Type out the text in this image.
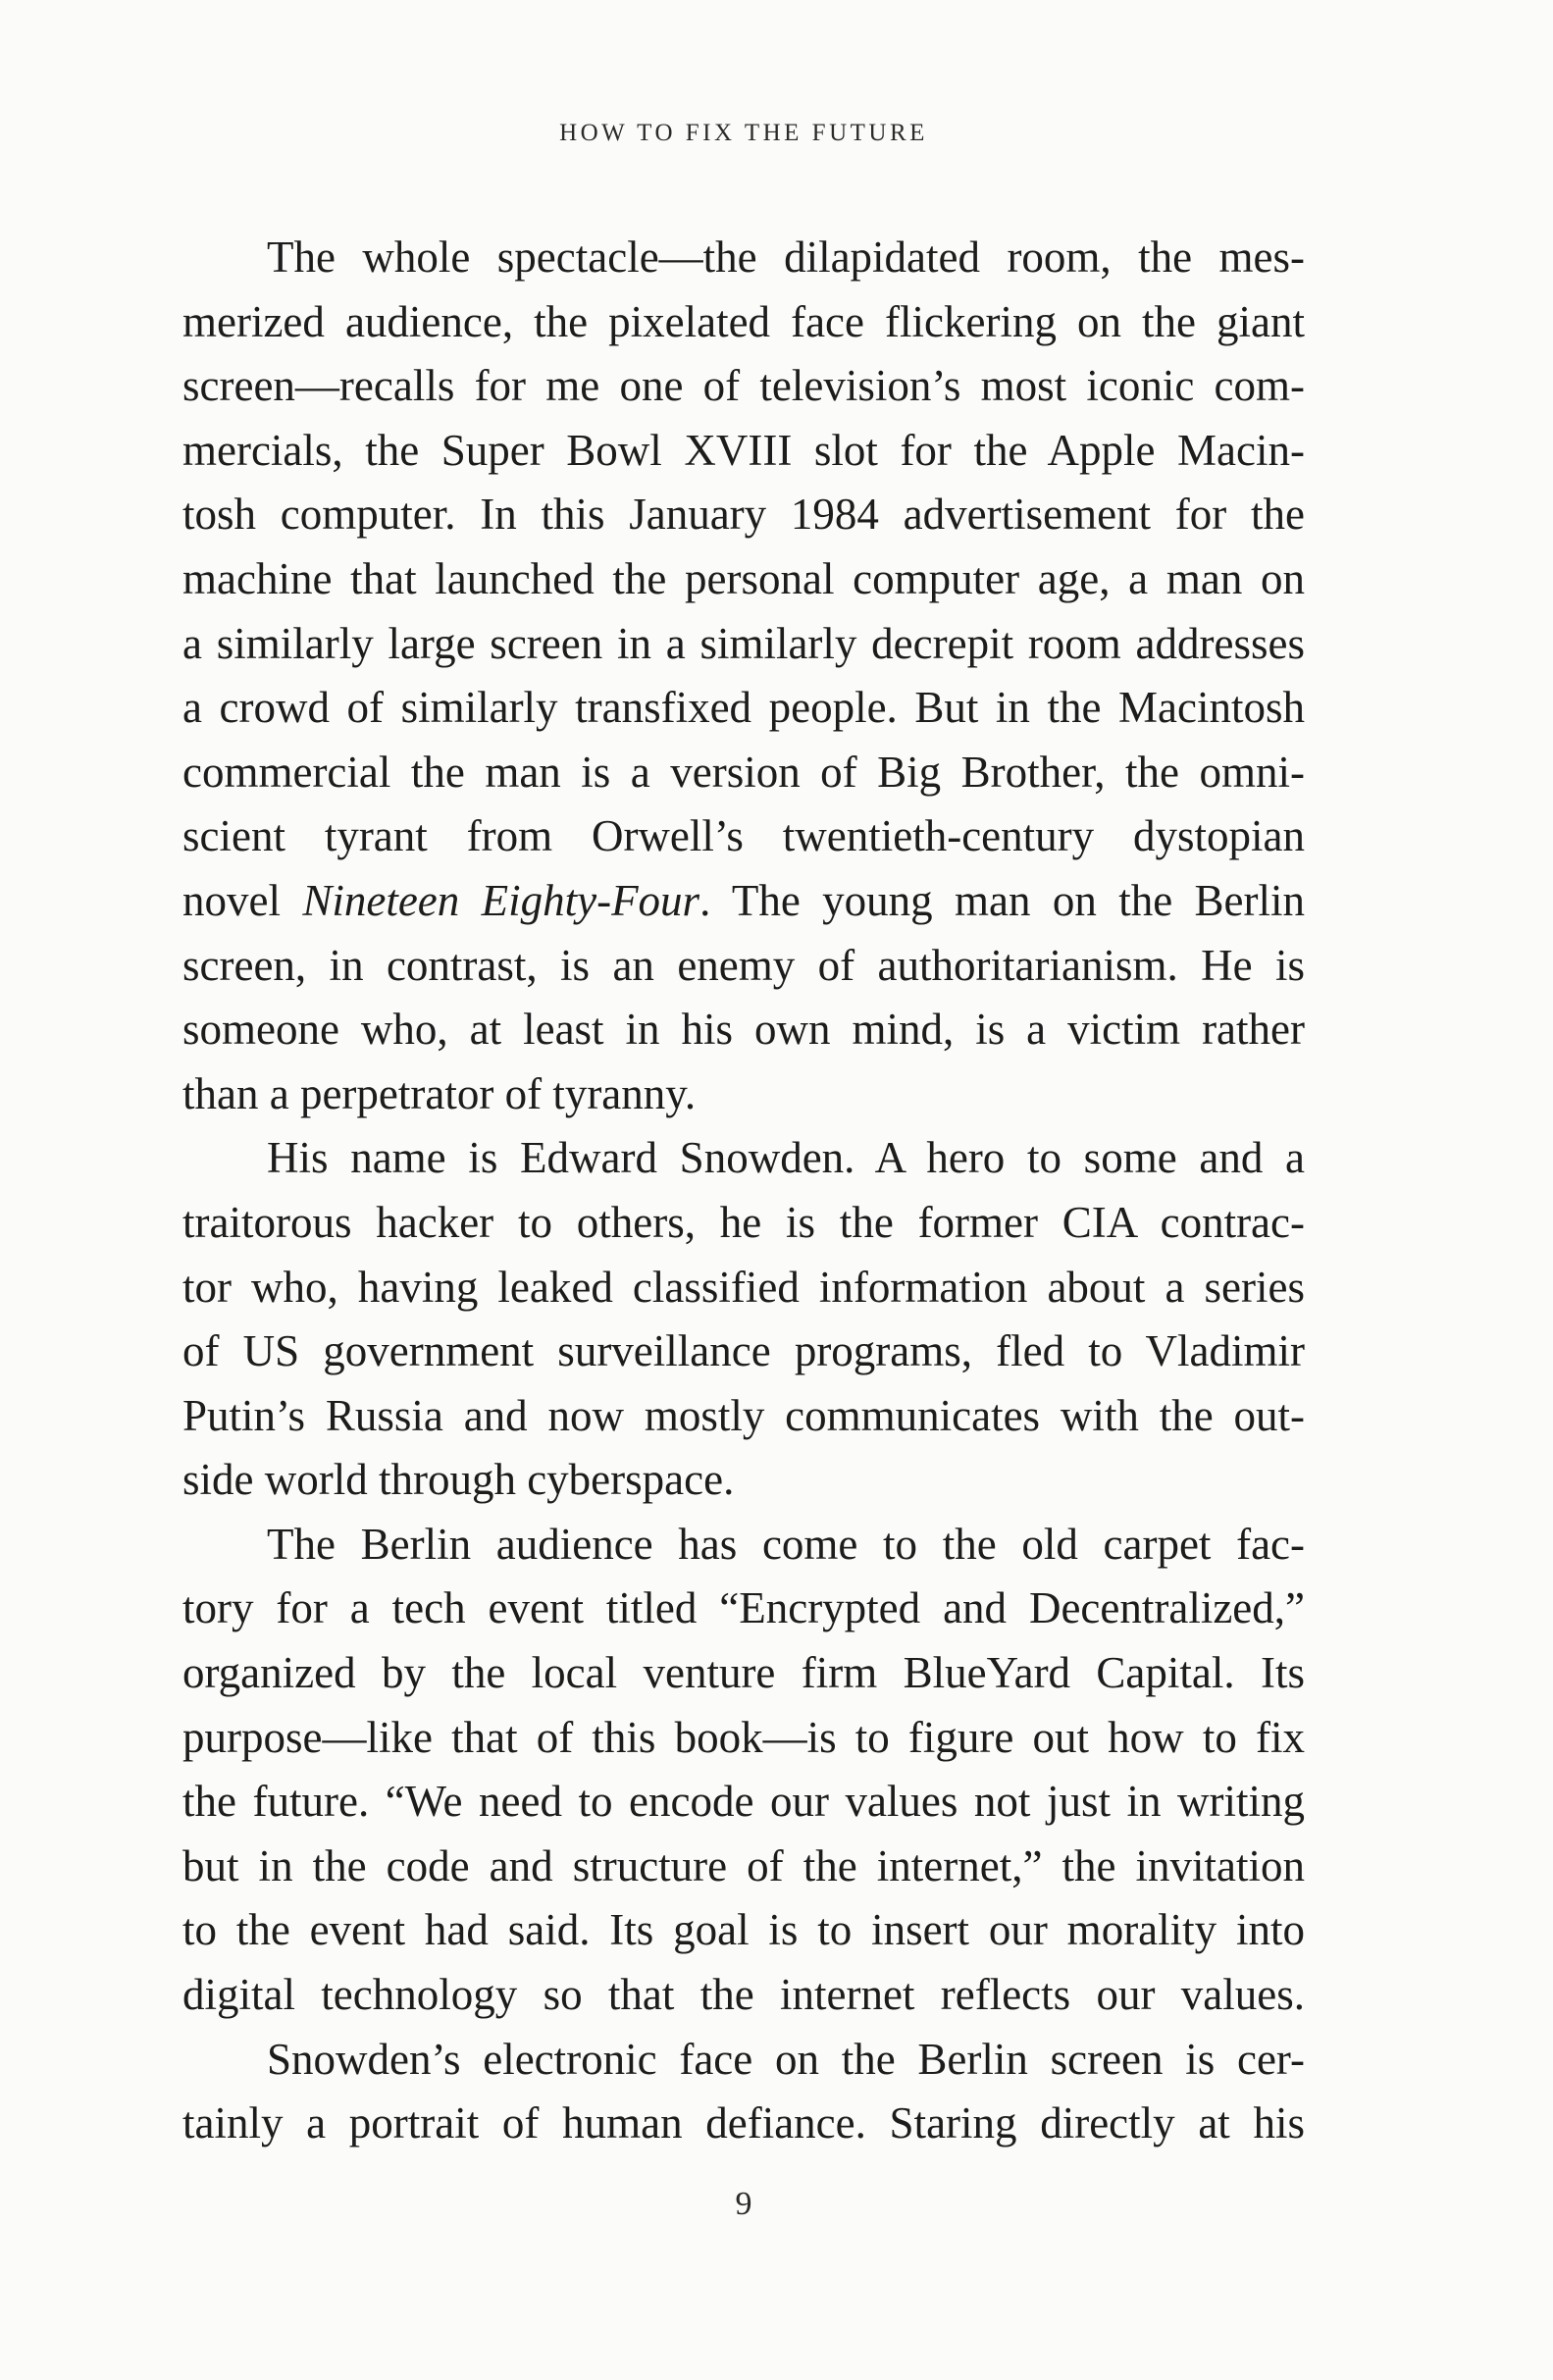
HOW TO FIX THE FUTURE
The whole spectacle—the dilapidated room, the mes-
merized audience, the pixelated face flickering on the giant
screen—recalls for me one of television’s most iconic com-
mercials, the Super Bowl XVIII slot for the Apple Macin-
tosh computer. In this January 1984 advertisement for the
machine that launched the personal computer age, a man on
a similarly large screen in a similarly decrepit room addresses
a crowd of similarly transfixed people. But in the Macintosh
commercial the man is a version of Big Brother, the omni-
scient tyrant from Orwell’s twentieth-century dystopian
novel Nineteen Eighty-Four. The young man on the Berlin
screen, in contrast, is an enemy of authoritarianism. He is
someone who, at least in his own mind, is a victim rather
than a perpetrator of tyranny.
His name is Edward Snowden. A hero to some and a
traitorous hacker to others, he is the former CIA contrac-
tor who, having leaked classified information about a series
of US government surveillance programs, fled to Vladimir
Putin’s Russia and now mostly communicates with the out-
side world through cyberspace.
The Berlin audience has come to the old carpet fac-
tory for a tech event titled “Encrypted and Decentralized,”
organized by the local venture firm BlueYard Capital. Its
purpose—like that of this book—is to figure out how to fix
the future. “We need to encode our values not just in writing
but in the code and structure of the internet,” the invitation
to the event had said. Its goal is to insert our morality into
digital technology so that the internet reflects our values.
Snowden’s electronic face on the Berlin screen is cer-
tainly a portrait of human defiance. Staring directly at his
9
